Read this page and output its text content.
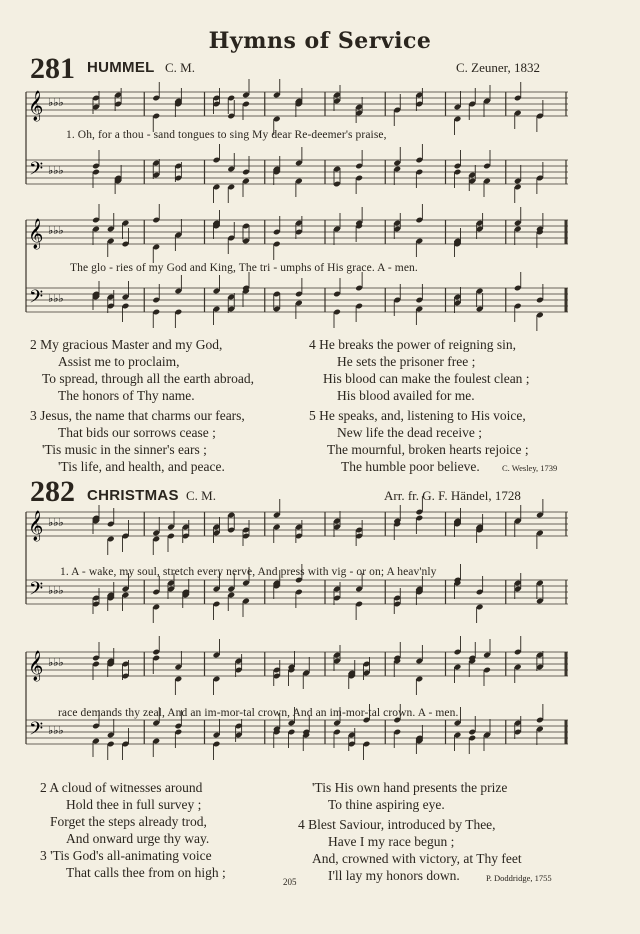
Hymns of Service
281 HUMMEL C. M.	C. Zeuner, 1832
𝄞
𝄢
♭♭♭
♭♭♭
1. Oh, for a thou - sand tongues to sing My dear Re-deemer's praise,
𝄞
𝄢
♭♭♭
♭♭♭
The glo - ries of my God and King, The tri - umphs of His grace. A - men.
2 My gracious Master and my God,
Assist me to proclaim,
To spread, through all the earth abroad,
The honors of Thy name.
3 Jesus, the name that charms our fears,
That bids our sorrows cease ;
'Tis music in the sinner's ears ;
'Tis life, and health, and peace.
4 He breaks the power of reigning sin,
He sets the prisoner free ;
His blood can make the foulest clean ;
His blood availed for me.
5 He speaks, and, listening to His voice,
New life the dead receive ;
The mournful, broken hearts rejoice ;
The humble poor believe.	C. Wesley, 1739
282 CHRISTMAS C. M.	Arr. fr. G. F. Händel, 1728
𝄞
𝄢
♭♭♭
♭♭♭
1. A - wake, my soul, stretch every nerve, And press with vig - or on; A heav'nly
𝄞
𝄢
♭♭♭
♭♭♭
race demands thy zeal, And an im-mor-tal crown, And an im-mor-tal crown. A - men.
2 A cloud of witnesses around
Hold thee in full survey ;
Forget the steps already trod,
And onward urge thy way.
3 'Tis God's all-animating voice
That calls thee from on high ;
'Tis His own hand presents the prize
To thine aspiring eye.
4 Blest Saviour, introduced by Thee,
Have I my race begun ;
And, crowned with victory, at Thy feet
I'll lay my honors down.	P. Doddridge, 1755
205
